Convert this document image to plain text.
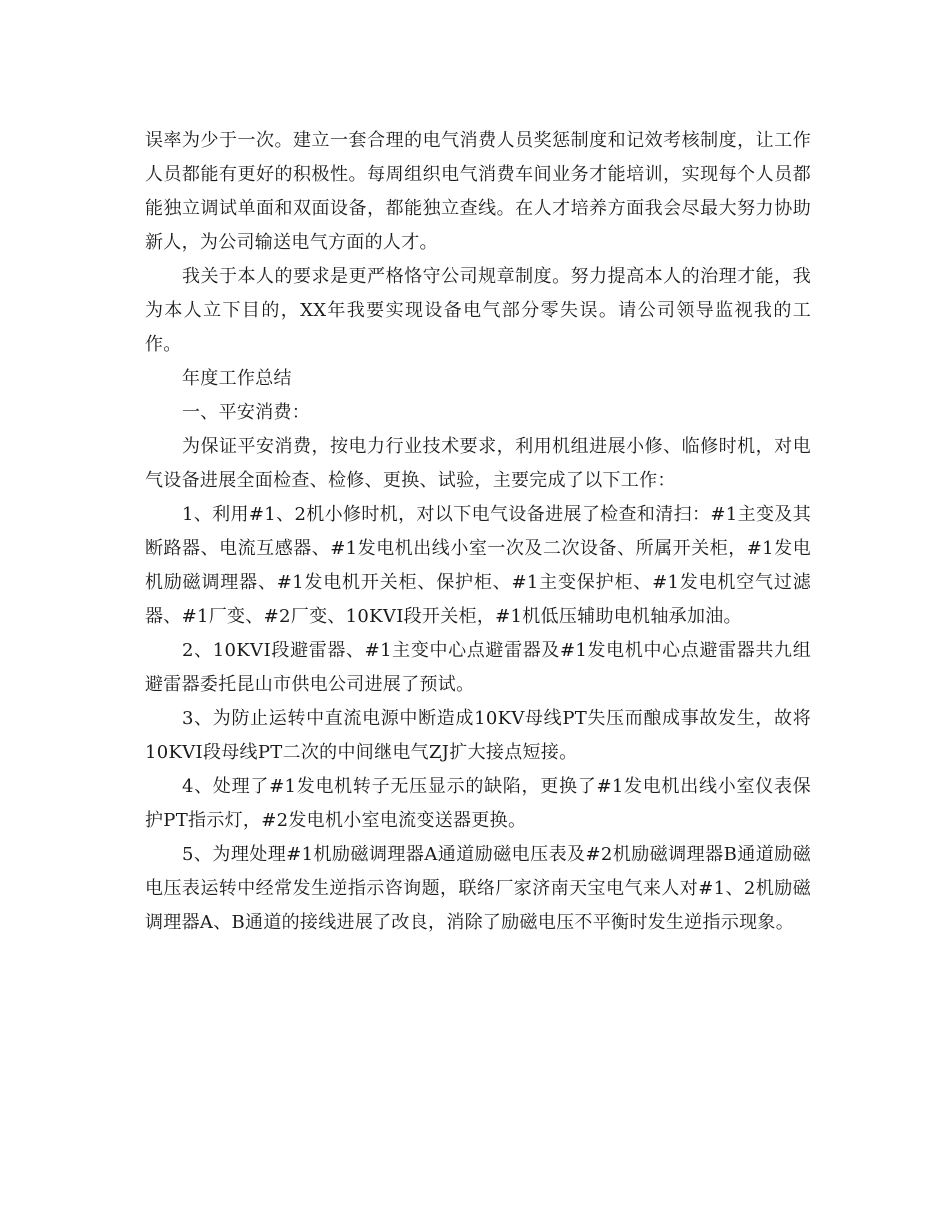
误率为少于一次。建立一套合理的电气消费人员奖惩制度和记效考核制度，让工作人员都能有更好的积极性。每周组织电气消费车间业务才能培训，实现每个人员都能独立调试单面和双面设备，都能独立查线。在人才培养方面我会尽最大努力协助新人，为公司输送电气方面的人才。

我关于本人的要求是更严格恪守公司规章制度。努力提高本人的治理才能，我为本人立下目的，XX年我要实现设备电气部分零失误。请公司领导监视我的工作。

年度工作总结

一、平安消费：

为保证平安消费，按电力行业技术要求，利用机组进展小修、临修时机，对电气设备进展全面检查、检修、更换、试验，主要完成了以下工作：

1、利用#1、2机小修时机，对以下电气设备进展了检查和清扫：#1主变及其断路器、电流互感器、#1发电机出线小室一次及二次设备、所属开关柜，#1发电机励磁调理器、#1发电机开关柜、保护柜、#1主变保护柜、#1发电机空气过滤器、#1厂变、#2厂变、10KVⅠ段开关柜，#1机低压辅助电机轴承加油。

2、10KVⅠ段避雷器、#1主变中心点避雷器及#1发电机中心点避雷器共九组避雷器委托昆山市供电公司进展了预试。

3、为防止运转中直流电源中断造成10KV母线PT失压而酿成事故发生，故将10KVⅠ段母线PT二次的中间继电气ZJ扩大接点短接。

4、处理了#1发电机转子无压显示的缺陷，更换了#1发电机出线小室仪表保护PT指示灯，#2发电机小室电流变送器更换。

5、为理处理#1机励磁调理器A通道励磁电压表及#2机励磁调理器B通道励磁电压表运转中经常发生逆指示咨询题，联络厂家济南天宝电气来人对#1、2机励磁调理器A、B通道的接线进展了改良，消除了励磁电压不平衡时发生逆指示现象。
